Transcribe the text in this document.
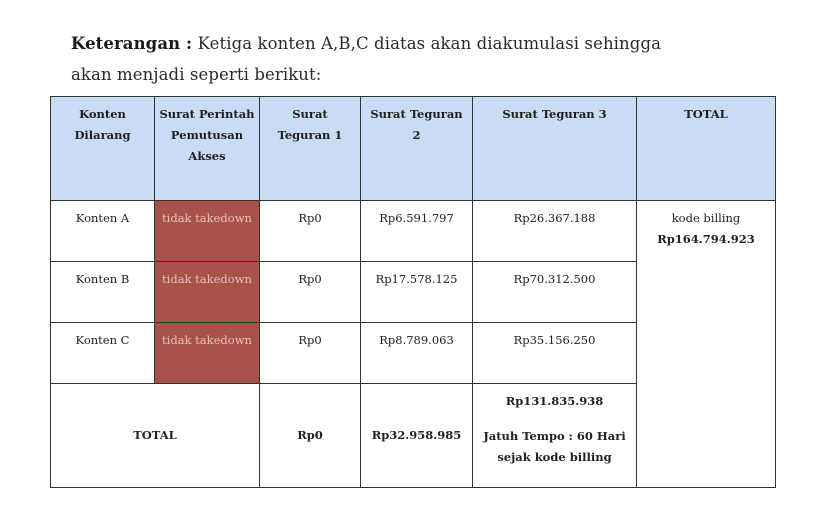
Keterangan : Ketiga konten A,B,C diatas akan diakumulasi sehingga
akan menjadi seperti berikut:
Konten Dilarang	Surat Perintah Pemutusan Akses	Surat Teguran 1	Surat Teguran 2	Surat Teguran 3	TOTAL
Konten A	tidak takedown	Rp0	Rp6.591.797	Rp26.367.188	kode billing
Rp164.794.923

Konten B	tidak takedown	Rp0	Rp17.578.125	Rp70.312.500	
Konten C	tidak takedown	Rp0	Rp8.789.063	Rp35.156.250	
TOTAL		Rp0	Rp32.958.985	Rp131.835.938
Jatuh Tempo : 60 Hari
sejak kode billing	
